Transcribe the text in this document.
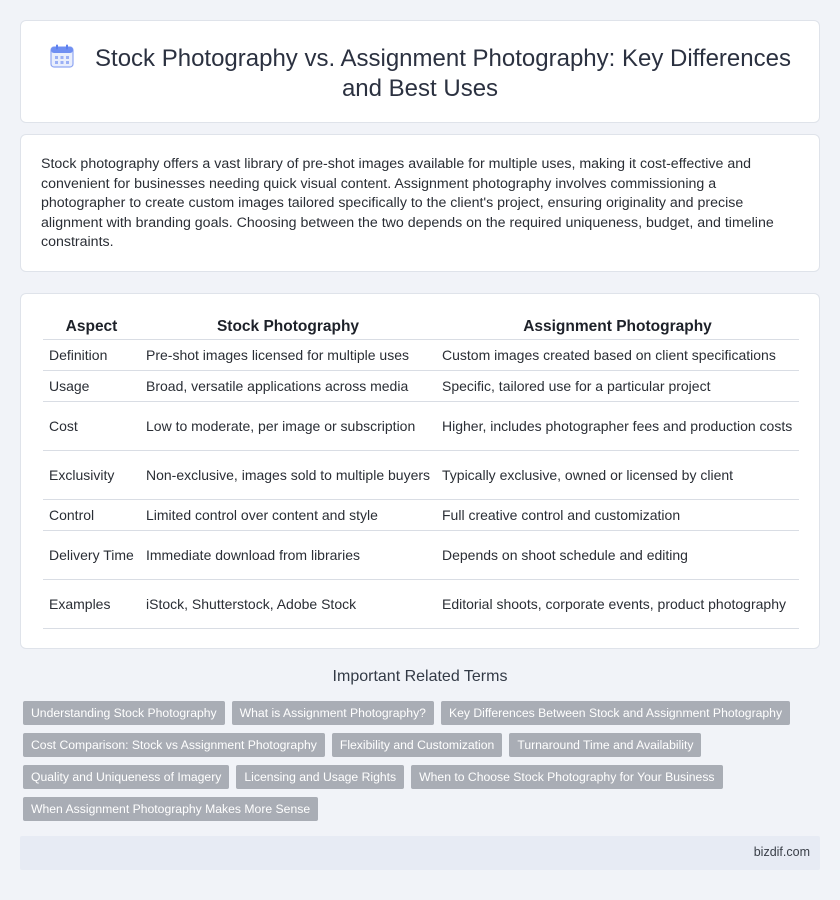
Stock Photography vs. Assignment Photography: Key Differences and Best Uses

Stock photography offers a vast library of pre-shot images available for multiple uses, making it cost-effective and convenient for businesses needing quick visual content. Assignment photography involves commissioning a photographer to create custom images tailored specifically to the client's project, ensuring originality and precise alignment with branding goals. Choosing between the two depends on the required uniqueness, budget, and timeline constraints.

Aspect	Stock Photography	Assignment Photography
Definition	Pre-shot images licensed for multiple uses	Custom images created based on client specifications
Usage	Broad, versatile applications across media	Specific, tailored use for a particular project
Cost	Low to moderate, per image or subscription	Higher, includes photographer fees and production costs
Exclusivity	Non-exclusive, images sold to multiple buyers	Typically exclusive, owned or licensed by client
Control	Limited control over content and style	Full creative control and customization
Delivery Time	Immediate download from libraries	Depends on shoot schedule and editing
Examples	iStock, Shutterstock, Adobe Stock	Editorial shoots, corporate events, product photography
Important Related Terms
Understanding Stock Photography	What is Assignment Photography?	Key Differences Between Stock and Assignment Photography
Cost Comparison: Stock vs Assignment Photography	Flexibility and Customization	Turnaround Time and Availability
Quality and Uniqueness of Imagery	Licensing and Usage Rights	When to Choose Stock Photography for Your Business
When Assignment Photography Makes More Sense
bizdif.com
